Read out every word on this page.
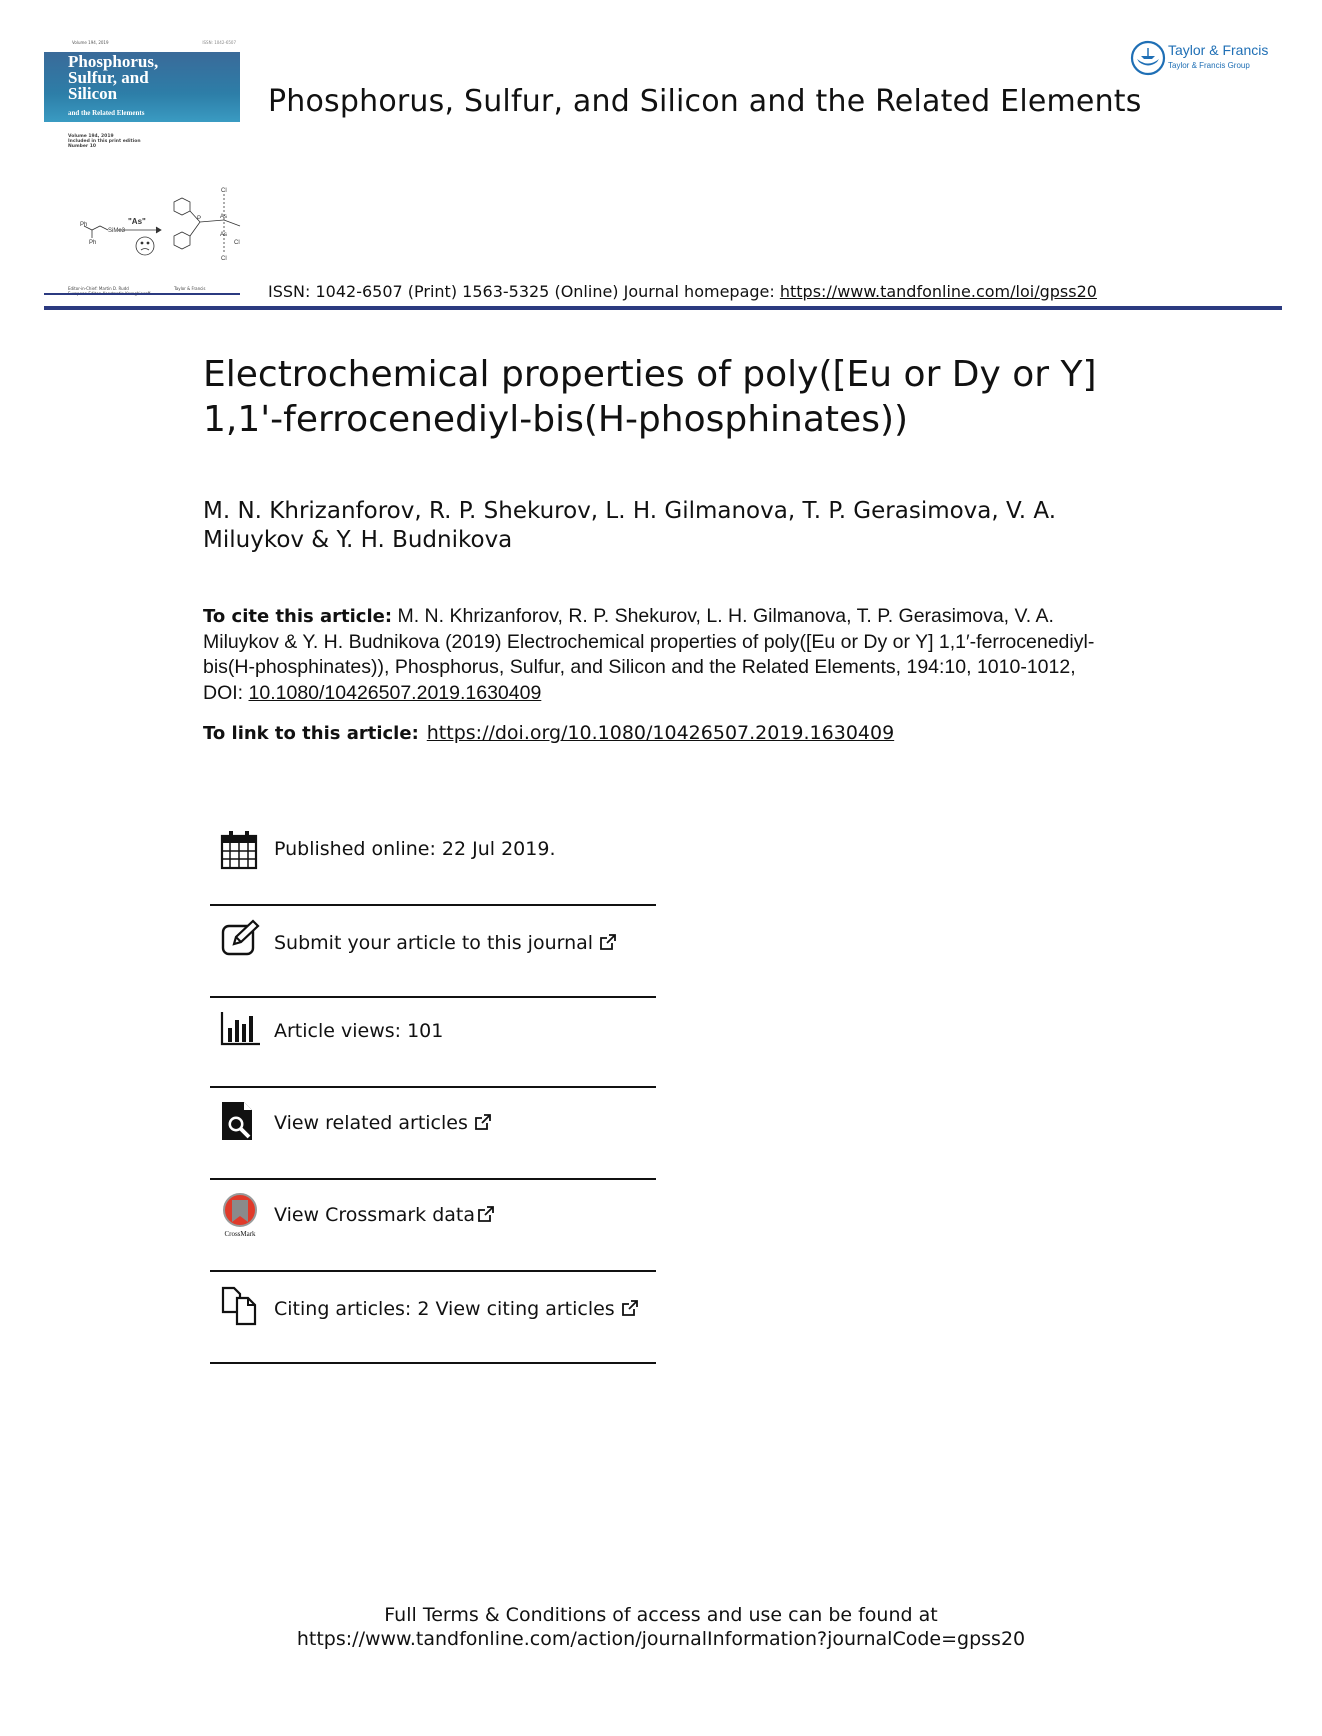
Volume 194, 2019	ISSN: 1042-6507
Phosphorus,
Sulfur, and
Silicon
and the Related Elements
Volume 194, 2019
Included in this print edition
Number 10
Ph
SiMe3
Ph
"As"	P	As
As
Cl
Cl
Cl
Editor-in-Chief: Martin D. Rudd	Taylor & Francis
Taylor & Francis
Taylor & Francis Group
Phosphorus, Sulfur, and Silicon and the Related Elements
ISSN: 1042-6507 (Print) 1563-5325 (Online) Journal homepage: https://www.tandfonline.com/loi/gpss20
Electrochemical properties of poly([Eu or Dy or Y] 1,1'-ferrocenediyl-bis(H-phosphinates))
M. N. Khrizanforov, R. P. Shekurov, L. H. Gilmanova, T. P. Gerasimova, V. A. Miluykov & Y. H. Budnikova
To cite this article: M. N. Khrizanforov, R. P. Shekurov, L. H. Gilmanova, T. P. Gerasimova, V. A. Miluykov & Y. H. Budnikova (2019) Electrochemical properties of poly([Eu or Dy or Y] 1,1′-ferrocenediyl-bis(H-phosphinates)), Phosphorus, Sulfur, and Silicon and the Related Elements, 194:10, 1010-1012, DOI: 10.1080/10426507.2019.1630409
To link to this article: https://doi.org/10.1080/10426507.2019.1630409
Published online: 22 Jul 2019.
Submit your article to this journal
Article views: 101
View related articles
CrossMark
View Crossmark data
Citing articles: 2 View citing articles
Full Terms & Conditions of access and use can be found at
https://www.tandfonline.com/action/journalInformation?journalCode=gpss20
